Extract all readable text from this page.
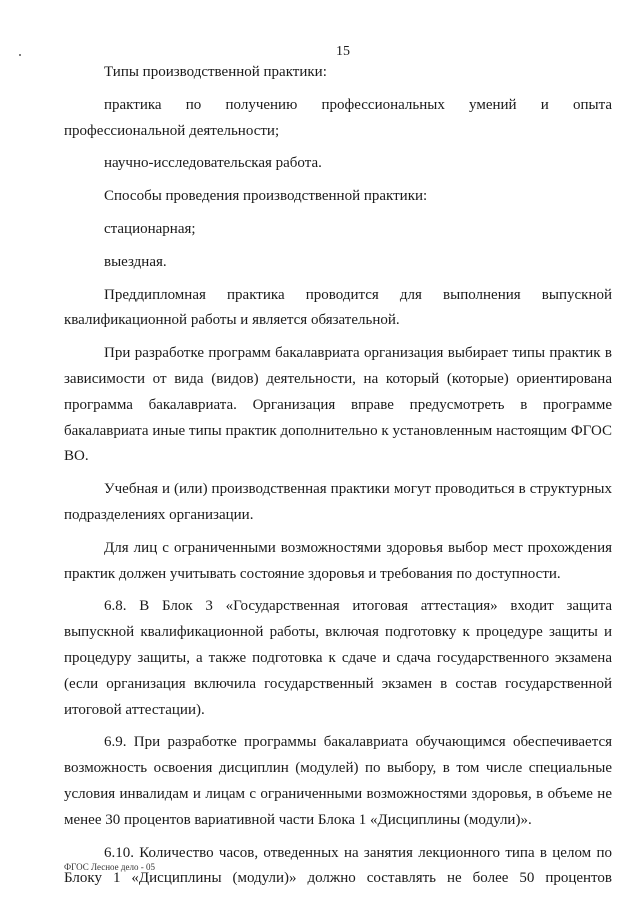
15

Типы производственной практики:

практика по получению профессиональных умений и опыта профессиональной деятельности;

научно-исследовательская работа.

Способы проведения производственной практики:

стационарная;

выездная.

Преддипломная практика проводится для выполнения выпускной квалификационной работы и является обязательной.

При разработке программ бакалавриата организация выбирает типы практик в зависимости от вида (видов) деятельности, на который (которые) ориентирована программа бакалавриата. Организация вправе предусмотреть в программе бакалавриата иные типы практик дополнительно к установленным настоящим ФГОС ВО.

Учебная и (или) производственная практики могут проводиться в структурных подразделениях организации.

Для лиц с ограниченными возможностями здоровья выбор мест прохождения практик должен учитывать состояние здоровья и требования по доступности.

6.8. В Блок 3 «Государственная итоговая аттестация» входит защита выпускной квалификационной работы, включая подготовку к процедуре защиты и процедуру защиты, а также подготовка к сдаче и сдача государственного экзамена (если организация включила государственный экзамен в состав государственной итоговой аттестации).

6.9. При разработке программы бакалавриата обучающимся обеспечивается возможность освоения дисциплин (модулей) по выбору, в том числе специальные условия инвалидам и лицам с ограниченными возможностями здоровья, в объеме не менее 30 процентов вариативной части Блока 1 «Дисциплины (модули)».

6.10. Количество часов, отведенных на занятия лекционного типа в целом по Блоку 1 «Дисциплины (модули)» должно составлять не более 50 процентов

ФГОС Лесное дело - 05
